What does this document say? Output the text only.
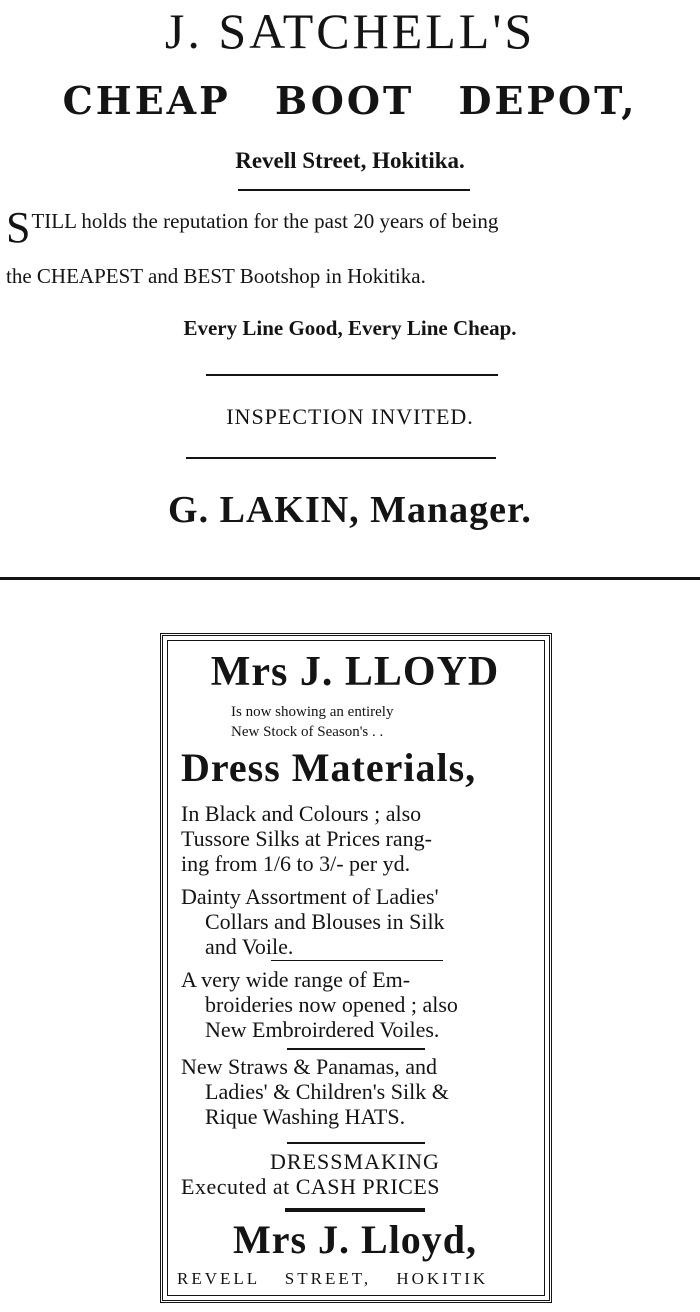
J. SATCHELL'S
CHEAP BOOT DEPOT,
Revell Street, Hokitika.
STILL holds the reputation for the past 20 years of being
the CHEAPEST and BEST Bootshop in Hokitika.
Every Line Good, Every Line Cheap.
INSPECTION INVITED.
G. LAKIN, Manager.
Mrs J. LLOYD
Is now showing an entirely
New Stock of Season's . .
Dress Materials,
In Black and Colours ; also
Tussore Silks at Prices rang-
ing from 1/6 to 3/- per yd.
Dainty Assortment of Ladies'
Collars and Blouses in Silk
and Voile.
A very wide range of Em-
broideries now opened ; also
New Embroirdered Voiles.
New Straws & Panamas, and
Ladies' & Children's Silk &
Rique Washing HATS.
DRESSMAKING
Executed at CASH PRICES
Mrs J. Lloyd,
REVELL STREET, HOKITIK
